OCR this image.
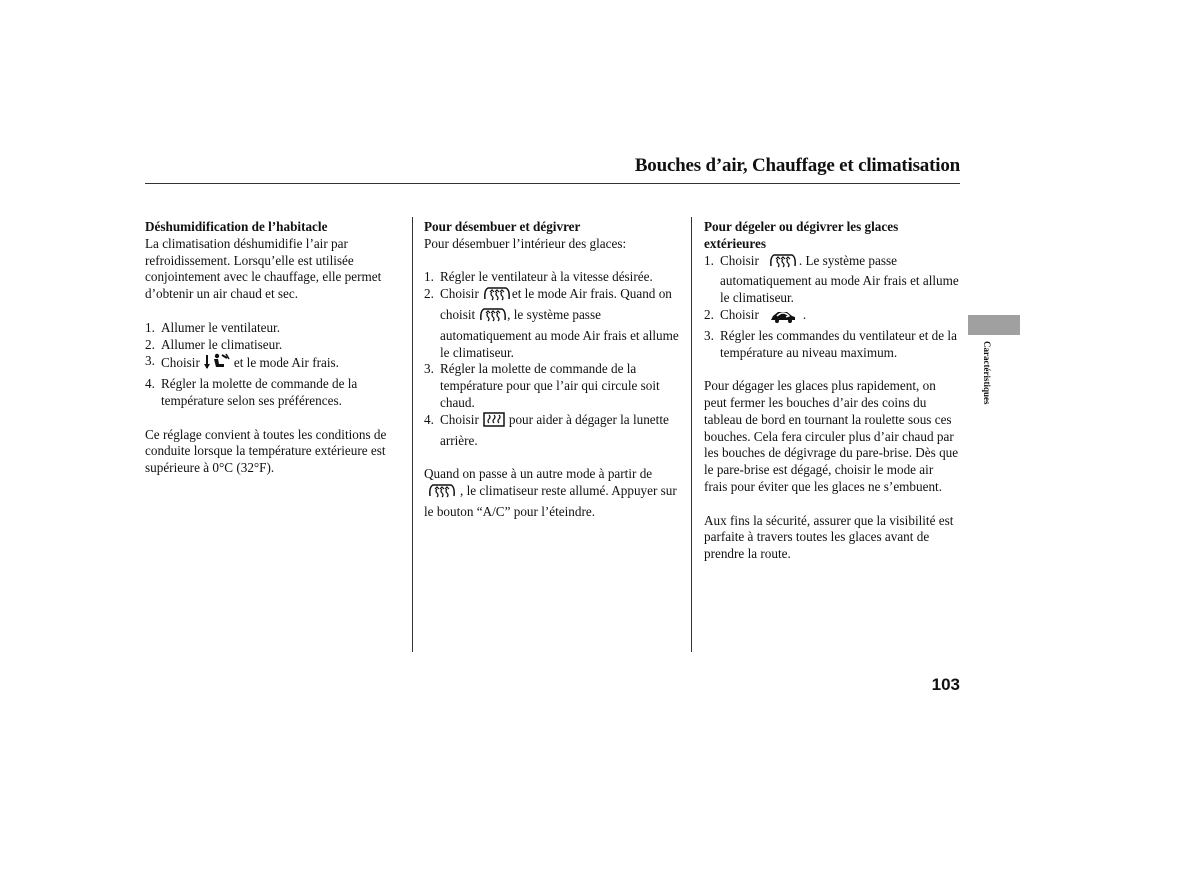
Bouches d’air, Chauffage et climatisation
Déshumidification de l’habitacle

La climatisation déshumidifie l’air par refroidissement. Lorsqu’elle est utilisée conjointement avec le chauffage, elle permet d’obtenir un air chaud et sec.

1. Allumer le ventilateur.
2. Allumer le climatiseur.
3. Choisir	et le mode Air frais.
4. Régler la molette de commande de la température selon ses préférences.

Ce réglage convient à toutes les conditions de conduite lorsque la température extérieure est supérieure à 0°C (32°F).

Pour désembuer et dégivrer

Pour désembuer l’intérieur des glaces:

1. Régler le ventilateur à la vitesse désirée.
2. Choisir	et le mode Air frais. Quand on choisit , le système passe automatiquement au mode Air frais et allume le climatiseur.
3. Régler la molette de commande de la température pour que l’air qui circule soit chaud.
4. Choisir pour aider à dégager la lunette arrière.

Quand on passe à un autre mode à partir de , le climatiseur reste allumé. Appuyer sur le bouton “A/C” pour l’éteindre.

Pour dégeler ou dégivrer les glaces extérieures
1. Choisir	. Le système passe automatiquement au mode Air frais et allume le climatiseur.
2. Choisir	.
3. Régler les commandes du ventilateur et de la température au niveau maximum.

Pour dégager les glaces plus rapidement, on peut fermer les bouches d’air des coins du tableau de bord en tournant la roulette sous ces bouches. Cela fera circuler plus d’air chaud par les bouches de dégivrage du pare-brise. Dès que le pare-brise est dégagé, choisir le mode air frais pour éviter que les glaces ne s’embuent.

Aux fins la sécurité, assurer que la visibilité est parfaite à travers toutes les glaces avant de prendre la route.

Caractéristiques
103
